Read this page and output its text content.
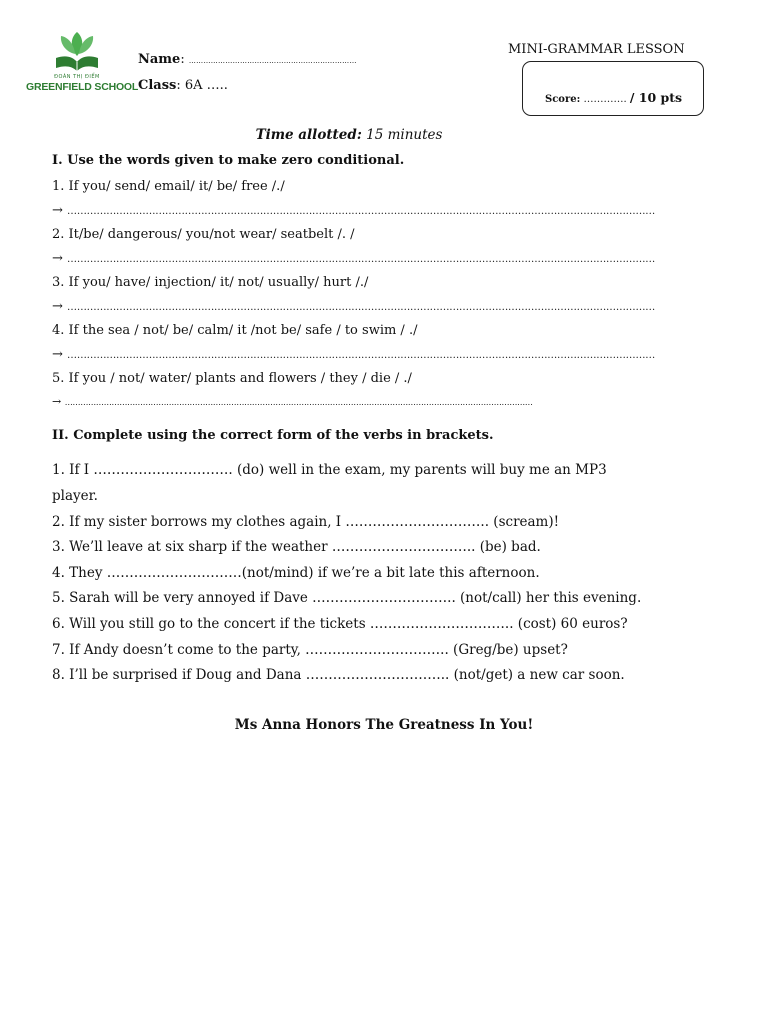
ĐOÀN THỊ ĐIỂM
GREENFIELD SCHOOL
Name: ……………………………………………………………
Class: 6A …..
MINI-GRAMMAR LESSON
Score: …………. / 10 pts
Time allotted: 15 minutes
I. Use the words given to make zero conditional.
1. If you/ send/ email/ it/ be/ free /./
→ ………………………………………………………………………………………………………………………………………………………………
2. It/be/ dangerous/ you/not wear/ seatbelt /. /
→ ………………………………………………………………………………………………………………………………………………………………
3. If you/ have/ injection/ it/ not/ usually/ hurt /./
→ ………………………………………………………………………………………………………………………………………………………………
4. If the sea / not/ be/ calm/ it /not be/ safe / to swim / ./
→ ………………………………………………………………………………………………………………………………………………………………
5. If you / not/ water/ plants and flowers / they / die / ./
→ ………………………………………………………………………………………………………………………………………………………………
II. Complete using the correct form of the verbs in brackets.
1. If I …………………………. (do) well in the exam, my parents will buy me an MP3
player.
2. If my sister borrows my clothes again, I ………………………….. (scream)!
3. We’ll leave at six sharp if the weather ………………………….. (be) bad.
4. They …………………………(not/mind) if we’re a bit late this afternoon.
5. Sarah will be very annoyed if Dave ………………………….. (not/call) her this evening.
6. Will you still go to the concert if the tickets ………………………….. (cost) 60 euros?
7. If Andy doesn’t come to the party, ………………………….. (Greg/be) upset?
8. I’ll be surprised if Doug and Dana ………………………….. (not/get) a new car soon.
Ms Anna Honors The Greatness In You!
